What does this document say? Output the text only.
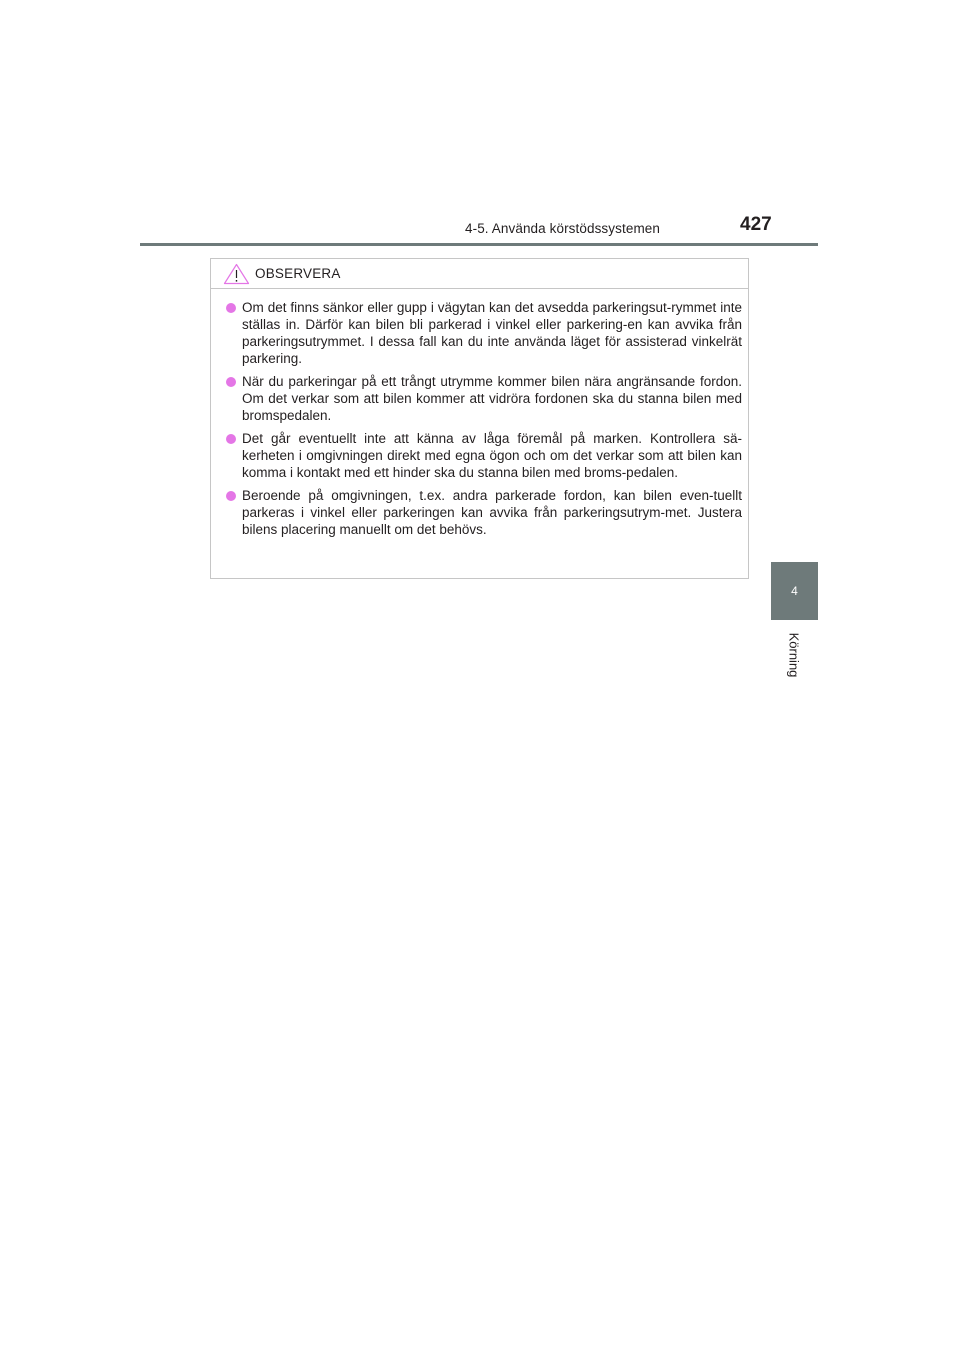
4-5. Använda körstödssystemen	427
4
Körning
OBSERVERA
Om det finns sänkor eller gupp i vägytan kan det avsedda parkeringsut-rymmet inte ställas in. Därför kan bilen bli parkerad i vinkel eller parkering-en kan avvika från parkeringsutrymmet. I dessa fall kan du inte använda läget för assisterad vinkelrät parkering.
När du parkeringar på ett trångt utrymme kommer bilen nära angränsande fordon. Om det verkar som att bilen kommer att vidröra fordonen ska du stanna bilen med bromspedalen.
Det går eventuellt inte att känna av låga föremål på marken. Kontrollera sä-kerheten i omgivningen direkt med egna ögon och om det verkar som att bilen kan komma i kontakt med ett hinder ska du stanna bilen med broms-pedalen.
Beroende på omgivningen, t.ex. andra parkerade fordon, kan bilen even-tuellt parkeras i vinkel eller parkeringen kan avvika från parkeringsutrym-met. Justera bilens placering manuellt om det behövs.
